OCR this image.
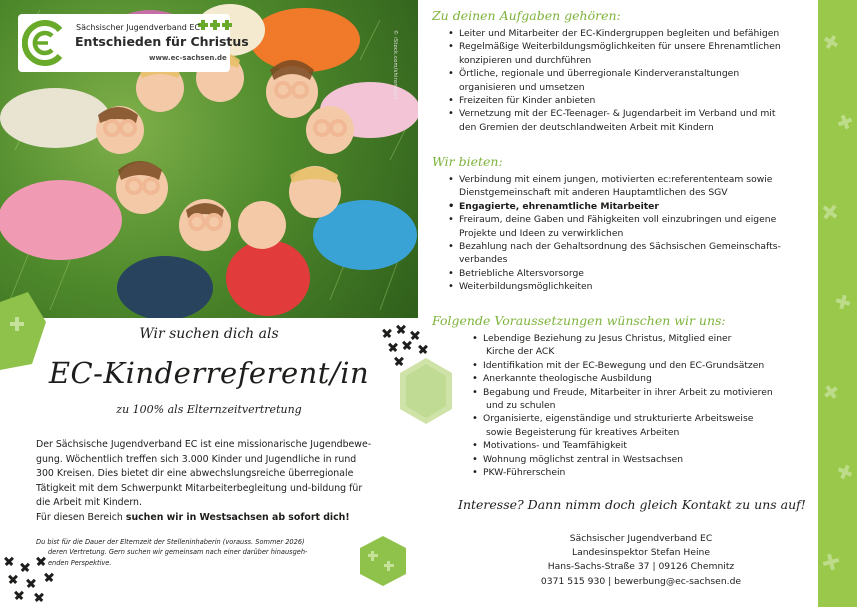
© iStock.com/shironosov
Sächsischer Jugendverband EC
Entschieden für Christus
www.ec-sachsen.de
Wir suchen dich als
EC-Kinderreferent/in
zu 100% als Elternzeitvertretung
Der Sächsische Jugendverband EC ist eine missionarische Jugendbewe-
gung. Wöchentlich treffen sich 3.000 Kinder und Jugendliche in rund
300 Kreisen. Dies bietet dir eine abwechslungsreiche überregionale
Tätigkeit mit dem Schwerpunkt Mitarbeiterbegleitung und-bildung für
die Arbeit mit Kindern.
Für diesen Bereich suchen wir in Westsachsen ab sofort dich!
Du bist für die Dauer der Elternzeit der Stelleninhaberin (vorauss. Sommer 2026)
deren Vertretung. Gern suchen wir gemeinsam nach einer darüber hinausgeh-
enden Perspektive.
Zu deinen Aufgaben gehören:
• Leiter und Mitarbeiter der EC-Kindergruppen begleiten und befähigen
• Regelmäßige Weiterbildungsmöglichkeiten für unsere Ehrenamtlichen
konzipieren und durchführen
• Örtliche, regionale und überregionale Kinderveranstaltungen
organisieren und umsetzen
• Freizeiten für Kinder anbieten
• Vernetzung mit der EC-Teenager- & Jugendarbeit im Verband und mit
den Gremien der deutschlandweiten Arbeit mit Kindern
Wir bieten:
• Verbindung mit einem jungen, motivierten ec:referententeam sowie
Dienstgemeinschaft mit anderen Hauptamtlichen des SGV
• Engagierte, ehrenamtliche Mitarbeiter
• Freiraum, deine Gaben und Fähigkeiten voll einzubringen und eigene
Projekte und Ideen zu verwirklichen
• Bezahlung nach der Gehaltsordnung des Sächsischen Gemeinschafts-
verbandes
• Betriebliche Altersvorsorge
• Weiterbildungsmöglichkeiten
Folgende Voraussetzungen wünschen wir uns:
• Lebendige Beziehung zu Jesus Christus, Mitglied einer
Kirche der ACK
• Identifikation mit der EC-Bewegung und den EC-Grundsätzen
• Anerkannte theologische Ausbildung
• Begabung und Freude, Mitarbeiter in ihrer Arbeit zu motivieren
und zu schulen
• Organisierte, eigenständige und strukturierte Arbeitsweise
sowie Begeisterung für kreatives Arbeiten
• Motivations- und Teamfähigkeit
• Wohnung möglichst zentral in Westsachsen
• PKW-Führerschein
Interesse? Dann nimm doch gleich Kontakt zu uns auf!
Sächsischer Jugendverband EC
Landesinspektor Stefan Heine
Hans-Sachs-Straße 37 | 09126 Chemnitz
0371 515 930 | bewerbung@ec-sachsen.de
